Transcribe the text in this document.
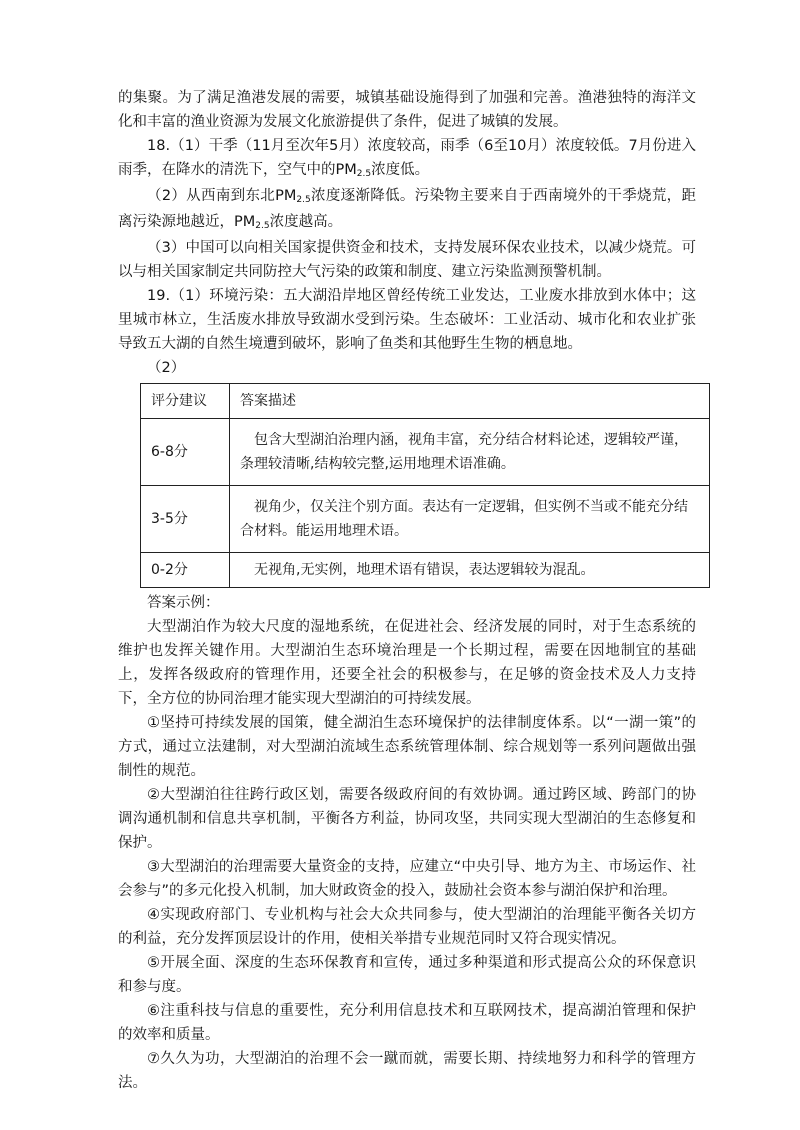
的集聚。为了满足渔港发展的需要，城镇基础设施得到了加强和完善。渔港独特的海洋文化和丰富的渔业资源为发展文化旅游提供了条件，促进了城镇的发展。

18.（1）干季（11月至次年5月）浓度较高，雨季（6至10月）浓度较低。7月份进入雨季，在降水的清洗下，空气中的PM2.5浓度低。

（2）从西南到东北PM2.5浓度逐渐降低。污染物主要来自于西南境外的干季烧荒，距离污染源地越近，PM2.5浓度越高。

（3）中国可以向相关国家提供资金和技术，支持发展环保农业技术，以减少烧荒。可以与相关国家制定共同防控大气污染的政策和制度、建立污染监测预警机制。

19.（1）环境污染：五大湖沿岸地区曾经传统工业发达，工业废水排放到水体中；这里城市林立，生活废水排放导致湖水受到污染。生态破坏：工业活动、城市化和农业扩张导致五大湖的自然生境遭到破坏，影响了鱼类和其他野生生物的栖息地。

（2）

评分建议	答案描述
6-8分	包含大型湖泊治理内涵，视角丰富，充分结合材料论述，逻辑较严谨，条理较清晰,结构较完整,运用地理术语准确。
3-5分	视角少，仅关注个别方面。表达有一定逻辑，但实例不当或不能充分结合材料。能运用地理术语。
0-2分	无视角,无实例，地理术语有错误，表达逻辑较为混乱。

答案示例：

大型湖泊作为较大尺度的湿地系统，在促进社会、经济发展的同时，对于生态系统的维护也发挥关键作用。大型湖泊生态环境治理是一个长期过程，需要在因地制宜的基础上，发挥各级政府的管理作用，还要全社会的积极参与，在足够的资金技术及人力支持下，全方位的协同治理才能实现大型湖泊的可持续发展。

①坚持可持续发展的国策，健全湖泊生态环境保护的法律制度体系。以“一湖一策”的方式，通过立法建制，对大型湖泊流域生态系统管理体制、综合规划等一系列问题做出强制性的规范。

②大型湖泊往往跨行政区划，需要各级政府间的有效协调。通过跨区域、跨部门的协调沟通机制和信息共享机制，平衡各方利益，协同攻坚，共同实现大型湖泊的生态修复和保护。

③大型湖泊的治理需要大量资金的支持，应建立“中央引导、地方为主、市场运作、社会参与”的多元化投入机制，加大财政资金的投入，鼓励社会资本参与湖泊保护和治理。

④实现政府部门、专业机构与社会大众共同参与，使大型湖泊的治理能平衡各关切方的利益，充分发挥顶层设计的作用，使相关举措专业规范同时又符合现实情况。

⑤开展全面、深度的生态环保教育和宣传，通过多种渠道和形式提高公众的环保意识和参与度。

⑥注重科技与信息的重要性，充分利用信息技术和互联网技术，提高湖泊管理和保护的效率和质量。

⑦久久为功，大型湖泊的治理不会一蹴而就，需要长期、持续地努力和科学的管理方法。
